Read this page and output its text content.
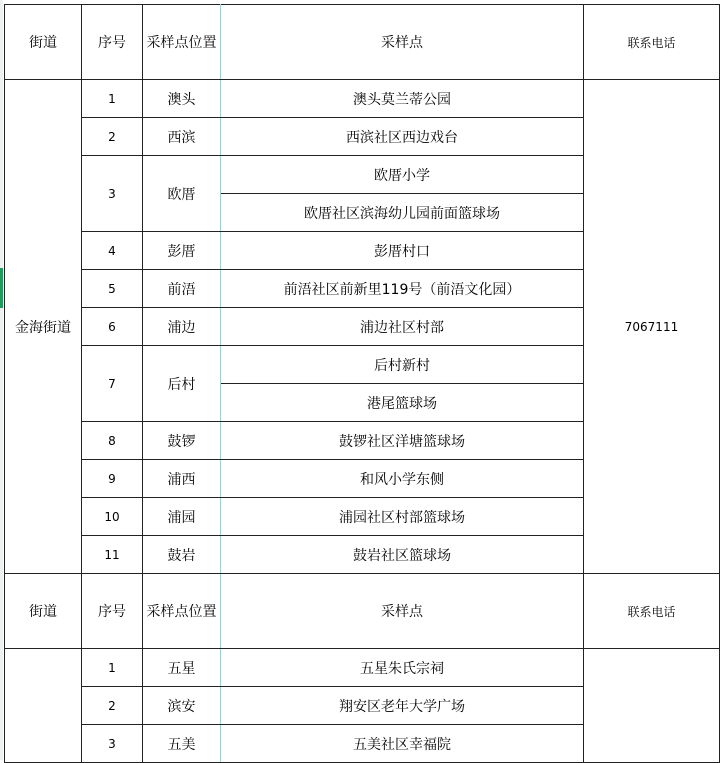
街道	序号	采样点位置	采样点	联系电话
金海街道	1	澳头	澳头莫兰蒂公园	7067111
	2	西滨	西滨社区西边戏台	
	3	欧厝	欧厝小学	
			欧厝社区滨海幼儿园前面篮球场	
	4	彭厝	彭厝村口	
	5	前浯	前浯社区前新里119号（前浯文化园）	
	6	浦边	浦边社区村部	
	7	后村	后村新村	
			港尾篮球场	
	8	鼓锣	鼓锣社区洋塘篮球场	
	9	浦西	和风小学东侧	
	10	浦园	浦园社区村部篮球场	
	11	鼓岩	鼓岩社区篮球场	
街道	序号	采样点位置	采样点	联系电话
	1	五星	五星朱氏宗祠	
	2	滨安	翔安区老年大学广场	
	3	五美	五美社区幸福院	
